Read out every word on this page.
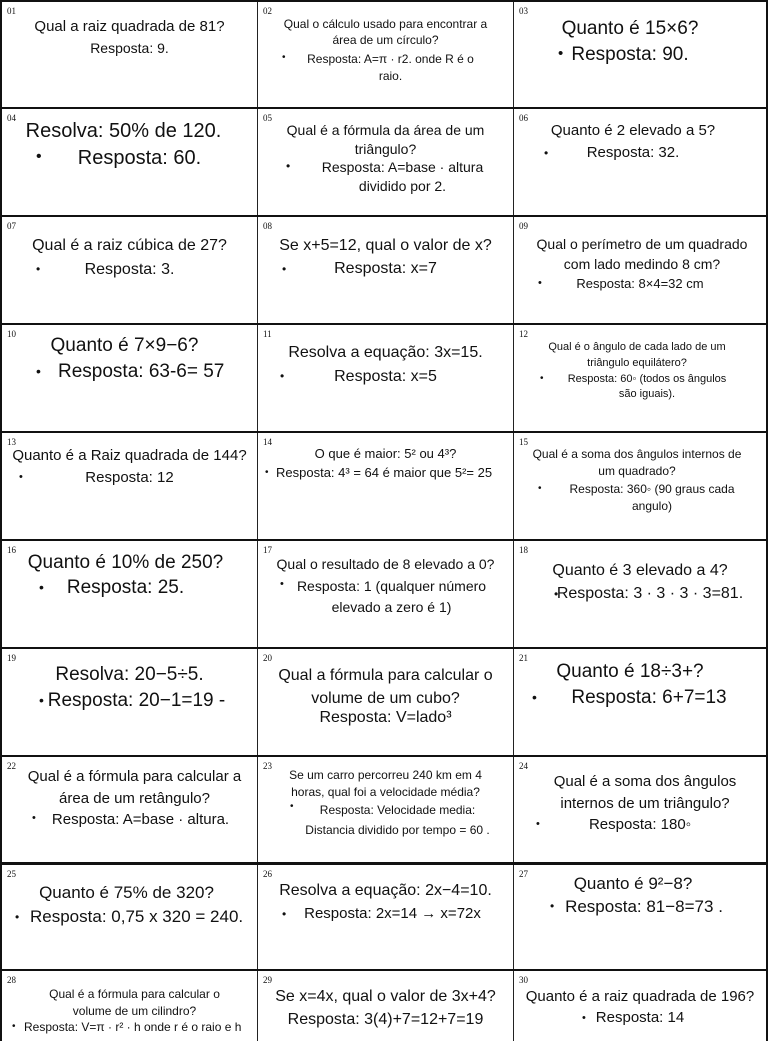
01
Qual a raiz quadrada de 81?
Resposta: 9.
02
Qual o cálculo usado para encontrar a área de um círculo?
•
Resposta: A=π · r2. onde R é o raio.
03
Quanto é 15×6?
•
Resposta: 90.
04
Resolva: 50% de 120.
•
Resposta: 60.
05
Qual é a fórmula da área de um triângulo?
•
Resposta: A=base · altura dividido por 2.
06
Quanto é 2 elevado a 5?
•
Resposta: 32.
07
Qual é a raiz cúbica de 27?
•
Resposta: 3.
08
Se x+5=12, qual o valor de x?
•
Resposta: x=7
09
Qual o perímetro de um quadrado com lado medindo 8 cm?
•
Resposta: 8×4=32 cm
10
Quanto é 7×9−6?
•
Resposta: 63-6= 57
11
Resolva a equação: 3x=15.
•
Resposta: x=5
12
Qual é o ângulo de cada lado de um triângulo equilátero?
•
Resposta: 60◦ (todos os ângulos são iguais).
13
Quanto é a Raiz quadrada de 144?
•
Resposta: 12
14
O que é maior: 5² ou 4³?
•
Resposta: 4³ = 64 é maior que 5²= 25
15
Qual é a soma dos ângulos internos de um quadrado?
•
Resposta: 360◦ (90 graus cada angulo)
16
Quanto é 10% de 250?
•
Resposta: 25.
17
Qual o resultado de 8 elevado a 0?
•
Resposta: 1 (qualquer número elevado a zero é 1)
18
Quanto é 3 elevado a 4?
•
Resposta: 3 · 3 · 3 · 3=81.
19
Resolva: 20−5÷5.
•
Resposta: 20−1=19 -
20
Qual a fórmula para calcular o volume de um cubo?
Resposta: V=lado³
21
Quanto é 18÷3+?
•
Resposta: 6+7=13
22
Qual é a fórmula para calcular a área de um retângulo?
•
Resposta: A=base · altura.
23
Se um carro percorreu 240 km em 4 horas, qual foi a velocidade média?
•
Resposta: Velocidade media: Distancia dividido por tempo = 60 .
24
Qual é a soma dos ângulos internos de um triângulo?
•
Resposta: 180◦
25
Quanto é 75% de 320?
•
Resposta: 0,75 x 320 = 240.
26
Resolva a equação: 2x−4=10.
•
Resposta: 2x=14 → x=72x
27	Quanto é 9²−8?
•
Resposta: 81−8=73 .
28
Qual é a fórmula para calcular o volume de um cilindro?
•
Resposta: V=π · r² · h onde r é o raio e h
29
Se x=4x, qual o valor de 3x+4?
Resposta: 3(4)+7=12+7=19
30
Quanto é a raiz quadrada de 196?
•
Resposta: 14
